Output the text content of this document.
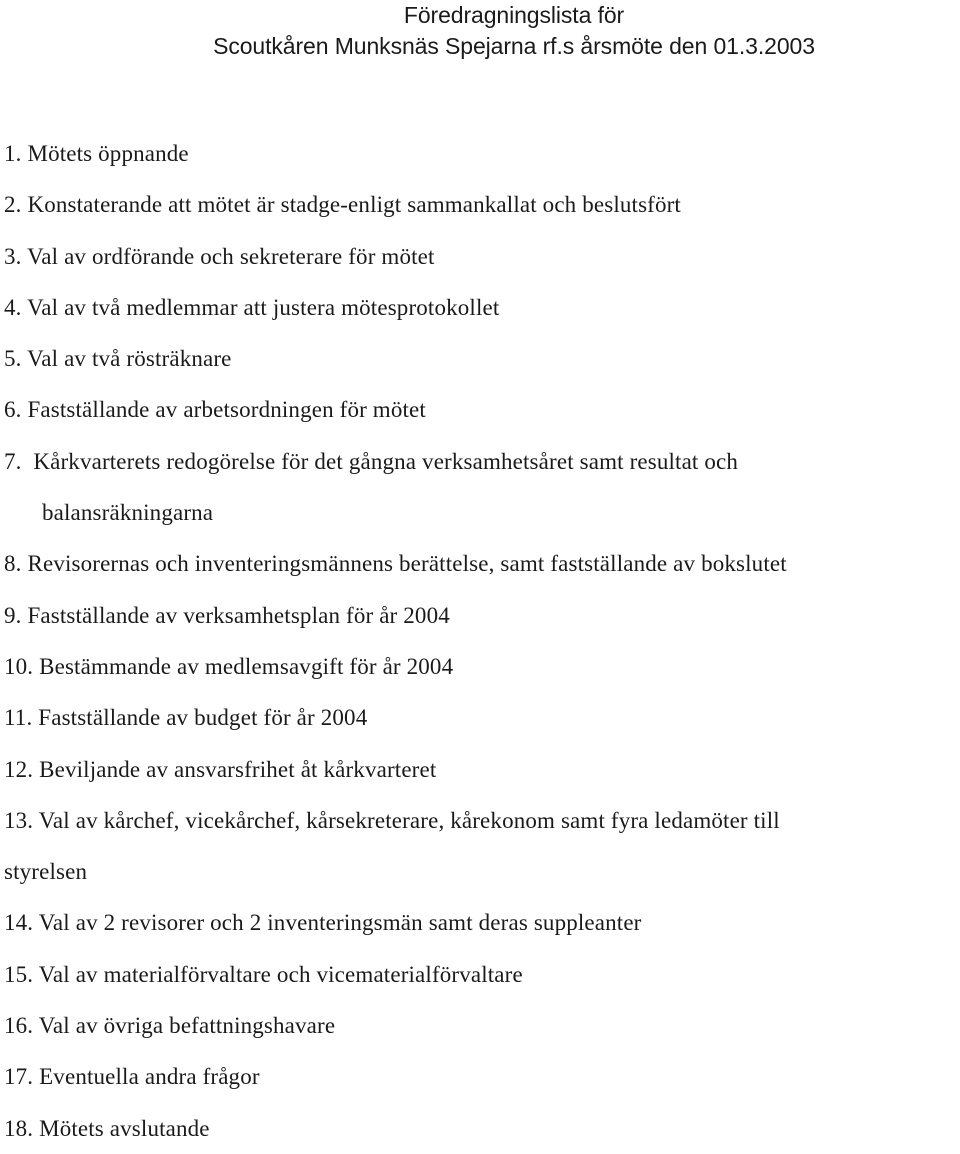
Föredragningslista för
Scoutkåren Munksnäs Spejarna rf.s årsmöte den 01.3.2003
1. Mötets öppnande
2. Konstaterande att mötet är stadge-enligt sammankallat och beslutsfört
3. Val av ordförande och sekreterare för mötet
4. Val av två medlemmar att justera mötesprotokollet
5. Val av två rösträknare
6. Fastställande av arbetsordningen för mötet
7. Kårkvarterets redogörelse för det gångna verksamhetsåret samt resultat och
balansräkningarna
8. Revisorernas och inventeringsmännens berättelse, samt fastställande av bokslutet
9. Fastställande av verksamhetsplan för år 2004
10. Bestämmande av medlemsavgift för år 2004
11. Fastställande av budget för år 2004
12. Beviljande av ansvarsfrihet åt kårkvarteret
13. Val av kårchef, vicekårchef, kårsekreterare, kårekonom samt fyra ledamöter till
styrelsen
14. Val av 2 revisorer och 2 inventeringsmän samt deras suppleanter
15. Val av materialförvaltare och vicematerialförvaltare
16. Val av övriga befattningshavare
17. Eventuella andra frågor
18. Mötets avslutande
